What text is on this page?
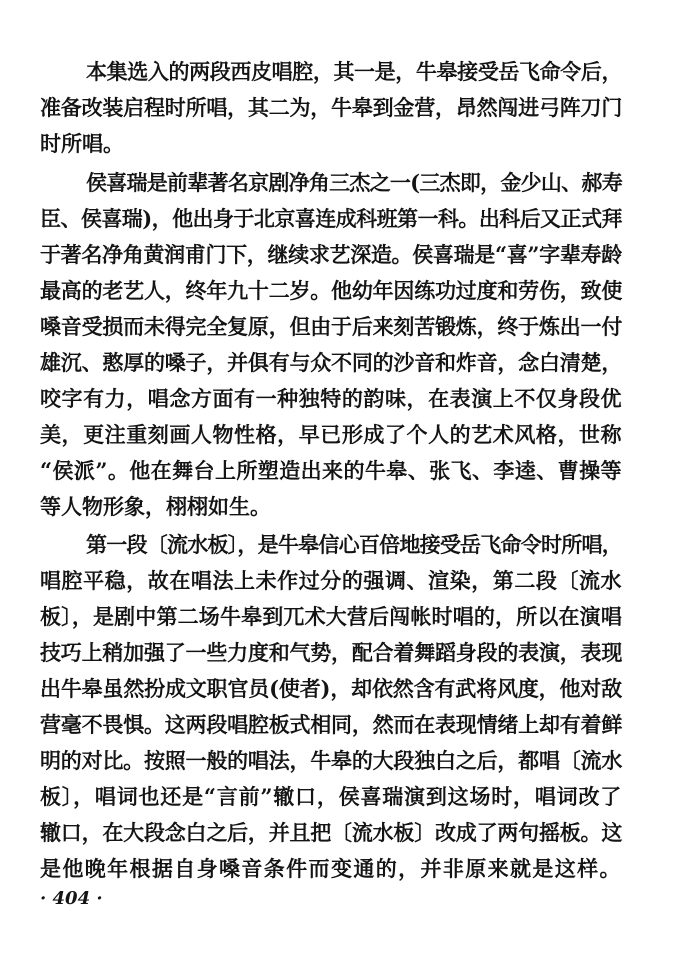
本集选入的两段西皮唱腔，其一是，牛皋接受岳飞命令后，
准备改装启程时所唱，其二为，牛皋到金营，昂然闯进弓阵刀门
时所唱。
侯喜瑞是前辈著名京剧净角三杰之一(三杰即，金少山、郝寿
臣、侯喜瑞)，他出身于北京喜连成科班第一科。出科后又正式拜
于著名净角黄润甫门下，继续求艺深造。侯喜瑞是“喜”字辈寿龄
最高的老艺人，终年九十二岁。他幼年因练功过度和劳伤，致使
嗓音受损而未得完全复原，但由于后来刻苦锻炼，终于炼出一付
雄沉、憨厚的嗓子，并俱有与众不同的沙音和炸音，念白清楚，
咬字有力，唱念方面有一种独特的韵味，在表演上不仅身段优
美，更注重刻画人物性格，早已形成了个人的艺术风格，世称
“侯派”。他在舞台上所塑造出来的牛皋、张飞、李逵、曹操等
等人物形象，栩栩如生。
第一段〔流水板〕，是牛皋信心百倍地接受岳飞命令时所唱，
唱腔平稳，故在唱法上未作过分的强调、渲染，第二段〔流水
板〕，是剧中第二场牛皋到兀术大营后闯帐时唱的，所以在演唱
技巧上稍加强了一些力度和气势，配合着舞蹈身段的表演，表现
出牛皋虽然扮成文职官员(使者)，却依然含有武将风度，他对敌
营毫不畏惧。这两段唱腔板式相同，然而在表现情绪上却有着鲜
明的对比。按照一般的唱法，牛皋的大段独白之后，都唱〔流水
板〕，唱词也还是“言前”辙口，侯喜瑞演到这场时，唱词改了
辙口，在大段念白之后，并且把〔流水板〕改成了两句摇板。这
是他晚年根据自身嗓音条件而变通的，并非原来就是这样。
· 404 ·
